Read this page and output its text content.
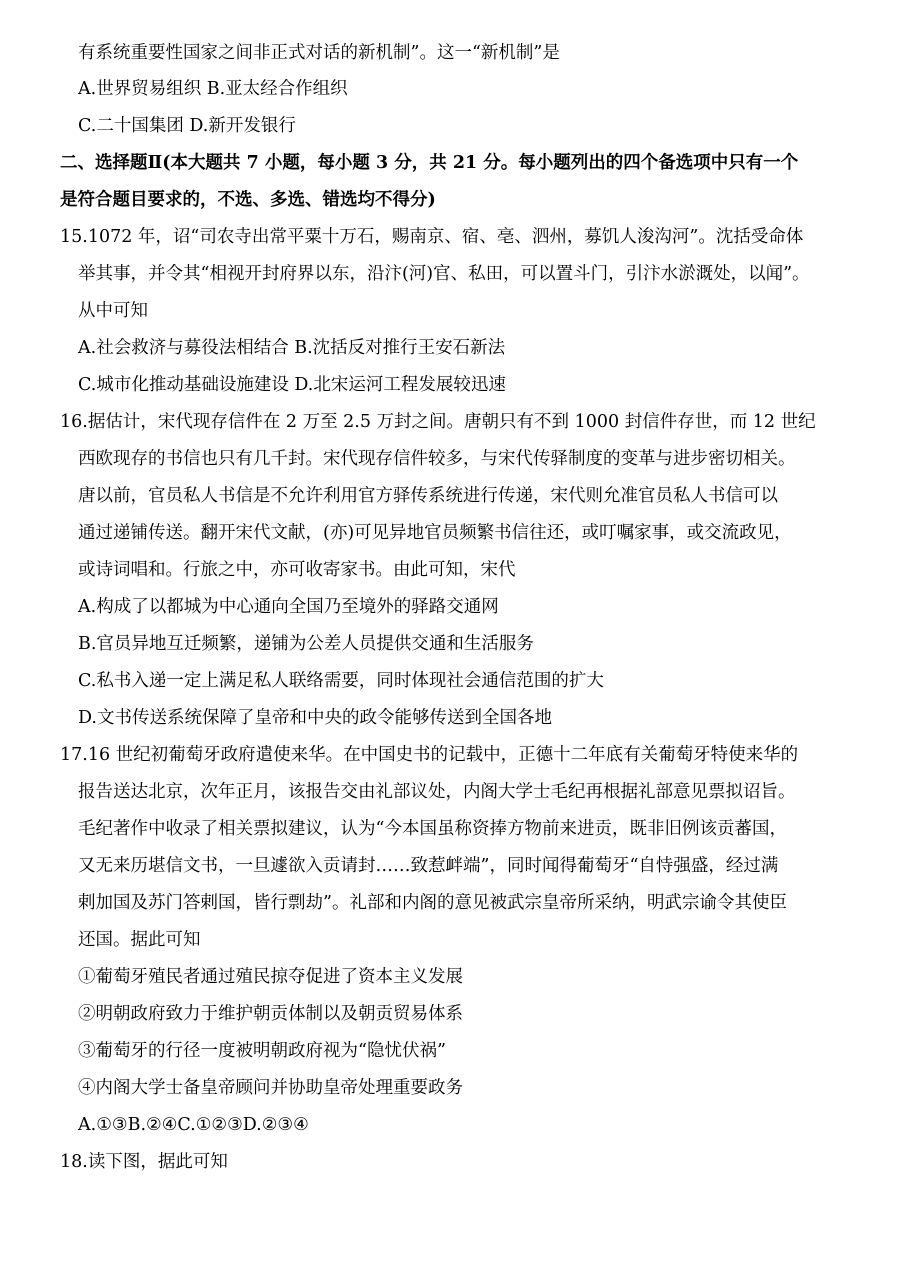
有系统重要性国家之间非正式对话的新机制”。这一“新机制”是
A.世界贸易组织 B.亚太经合作组织
C.二十国集团 D.新开发银行
二、选择题Ⅱ(本大题共 7 小题，每小题 3 分，共 21 分。每小题列出的四个备选项中只有一个
是符合题目要求的，不选、多选、错选均不得分)
15.1072 年，诏“司农寺出常平粟十万石，赐南京、宿、亳、泗州，募饥人浚沟河”。沈括受命体
举其事，并令其“相视开封府界以东，沿汴(河)官、私田，可以置斗门，引汴水淤溉处，以闻”。
从中可知
A.社会救济与募役法相结合 B.沈括反对推行王安石新法
C.城市化推动基础设施建设 D.北宋运河工程发展较迅速
16.据估计，宋代现存信件在 2 万至 2.5 万封之间。唐朝只有不到 1000 封信件存世，而 12 世纪
西欧现存的书信也只有几千封。宋代现存信件较多，与宋代传驿制度的变革与进步密切相关。
唐以前，官员私人书信是不允许利用官方驿传系统进行传递，宋代则允准官员私人书信可以
通过递铺传送。翻开宋代文献，(亦)可见异地官员频繁书信往还，或叮嘱家事，或交流政见，
或诗词唱和。行旅之中，亦可收寄家书。由此可知，宋代
A.构成了以都城为中心通向全国乃至境外的驿路交通网
B.官员异地互迁频繁，递铺为公差人员提供交通和生活服务
C.私书入递一定上满足私人联络需要，同时体现社会通信范围的扩大
D.文书传送系统保障了皇帝和中央的政令能够传送到全国各地
17.16 世纪初葡萄牙政府遣使来华。在中国史书的记载中，正德十二年底有关葡萄牙特使来华的
报告送达北京，次年正月，该报告交由礼部议处，内阁大学士毛纪再根据礼部意见票拟诏旨。
毛纪著作中收录了相关票拟建议，认为“今本国虽称资捧方物前来进贡，既非旧例该贡蕃国，
又无来历堪信文书，一旦遽欲入贡请封……致惹衅端”，同时闻得葡萄牙“自恃强盛，经过满
剌加国及苏门答剌国，皆行剽劫”。礼部和内阁的意见被武宗皇帝所采纳，明武宗谕令其使臣
还国。据此可知
①葡萄牙殖民者通过殖民掠夺促进了资本主义发展
②明朝政府致力于维护朝贡体制以及朝贡贸易体系
③葡萄牙的行径一度被明朝政府视为“隐忧伏祸”
④内阁大学士备皇帝顾问并协助皇帝处理重要政务
A.①③B.②④C.①②③D.②③④
18.读下图，据此可知
